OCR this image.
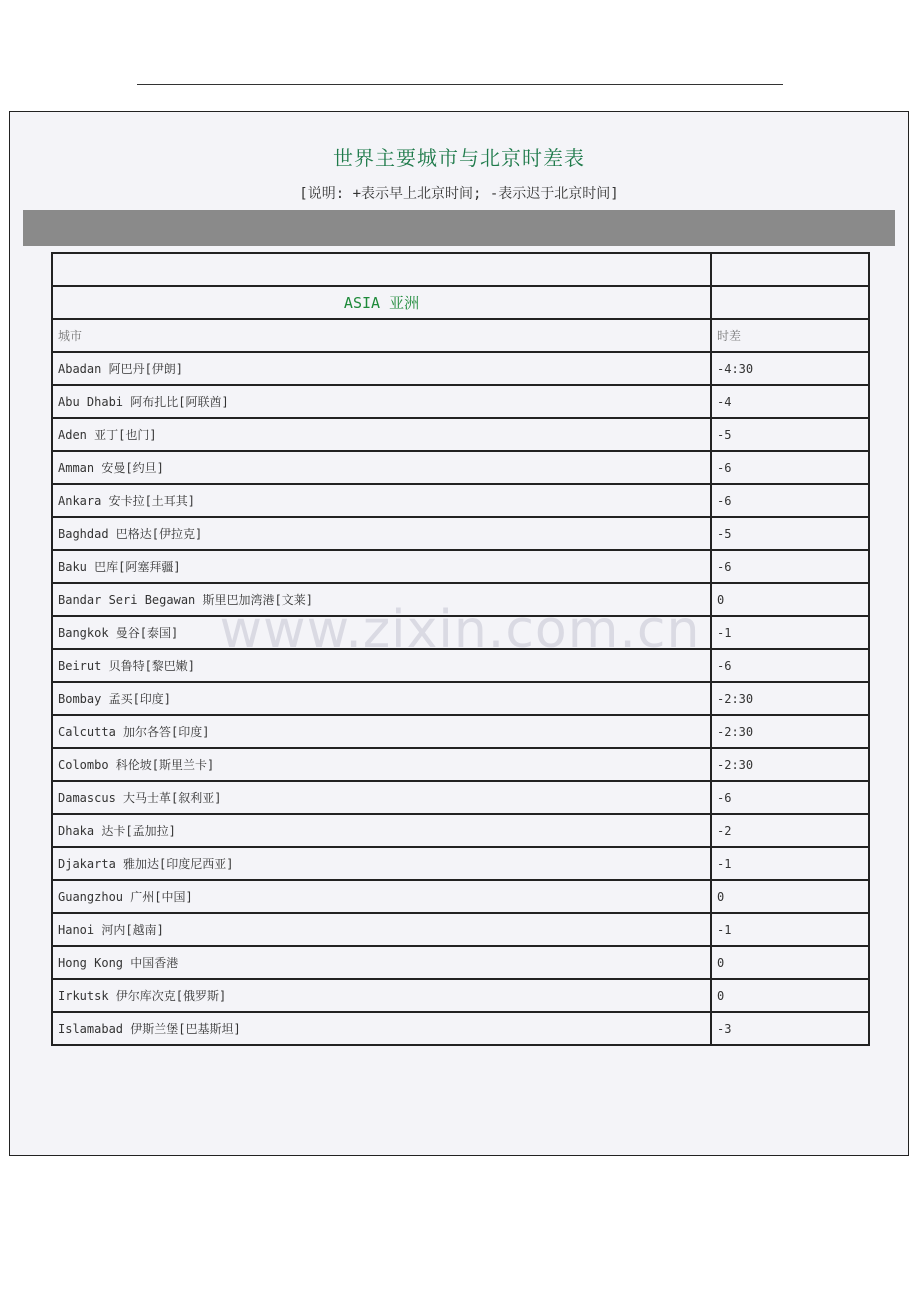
世界主要城市与北京时差表
[说明: +表示早上北京时间; -表示迟于北京时间]

ASIA 亚洲	
城市	时差
Abadan 阿巴丹[伊朗]	-4:30
Abu Dhabi 阿布扎比[阿联酋]	-4
Aden 亚丁[也门]	-5
Amman 安曼[约旦]	-6
Ankara 安卡拉[土耳其]	-6
Baghdad 巴格达[伊拉克]	-5
Baku 巴库[阿塞拜疆]	-6
Bandar Seri Begawan 斯里巴加湾港[文莱]	0
Bangkok 曼谷[泰国]	-1
Beirut 贝鲁特[黎巴嫩]	-6
Bombay 孟买[印度]	-2:30
Calcutta 加尔各答[印度]	-2:30
Colombo 科伦坡[斯里兰卡]	-2:30
Damascus 大马士革[叙利亚]	-6
Dhaka 达卡[孟加拉]	-2
Djakarta 雅加达[印度尼西亚]	-1
Guangzhou 广州[中国]	0
Hanoi 河内[越南]	-1
Hong Kong 中国香港	0
Irkutsk 伊尔库次克[俄罗斯]	0
Islamabad 伊斯兰堡[巴基斯坦]	-3
www.zixin.com.cn
